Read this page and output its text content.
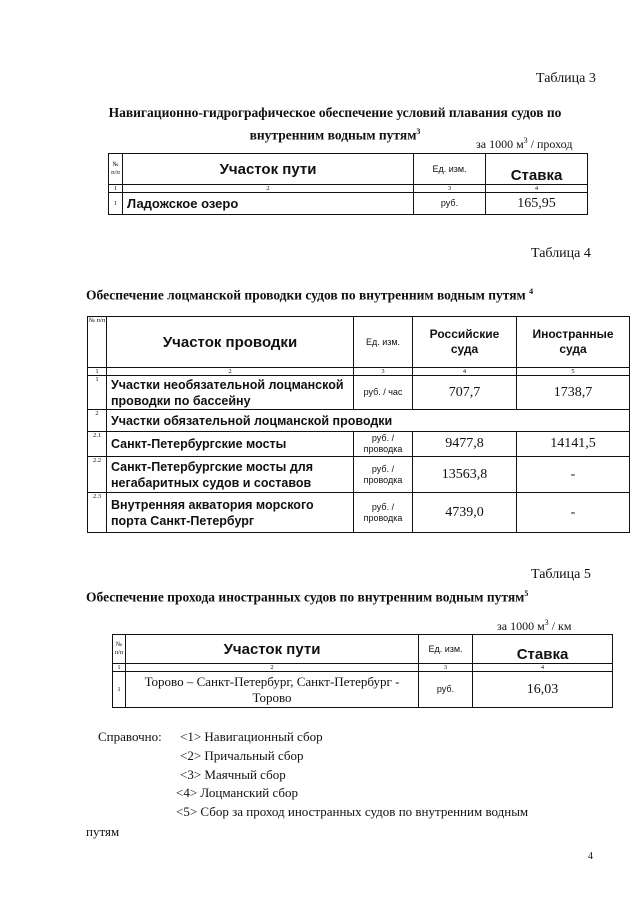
Таблица 3
Навигационно-гидрографическое обеспечение условий плавания судов по
внутренним водным путям$^3$
за 1000 $м^3$ / проход
№ п/п	Участок пути	Ед. изм.	Ставка
1	2	3	4
1	Ладожское озеро	руб.	165,95
Таблица 4
Обеспечение лоцманской проводки судов по внутренним водным путям $^4$
№ п/п	Участок проводки	Ед. изм.	Российские суда	Иностранные суда
1	2	3	4	5
1	Участки необязательной лоцманской проводки по бассейну	руб. / час	707,7	1738,7
2	Участки обязательной лоцманской проводки			
2.1	Санкт-Петербургские мосты	руб. / проводка	9477,8	14141,5
2.2	Санкт-Петербургские мосты для негабаритных судов и составов	руб. / проводка	13563,8	-
2.3	Внутренняя акватория морского порта Санкт-Петербург	руб. / проводка	4739,0	-
Таблица 5
Обеспечение прохода иностранных судов по внутренним водным путям$^5$
за 1000 $м^3$ / км
№ п/п	Участок пути	Ед. изм.	Ставка
1	2	3	4
1	Торово – Санкт-Петербург, Санкт-Петербург - Торово	руб.	16,03
Справочно: <1> Навигационный сбор
<2> Причальный сбор
<3> Маячный сбор
<4> Лоцманский сбор
<5> Сбор за проход иностранных судов по внутренним водным
путям
4
